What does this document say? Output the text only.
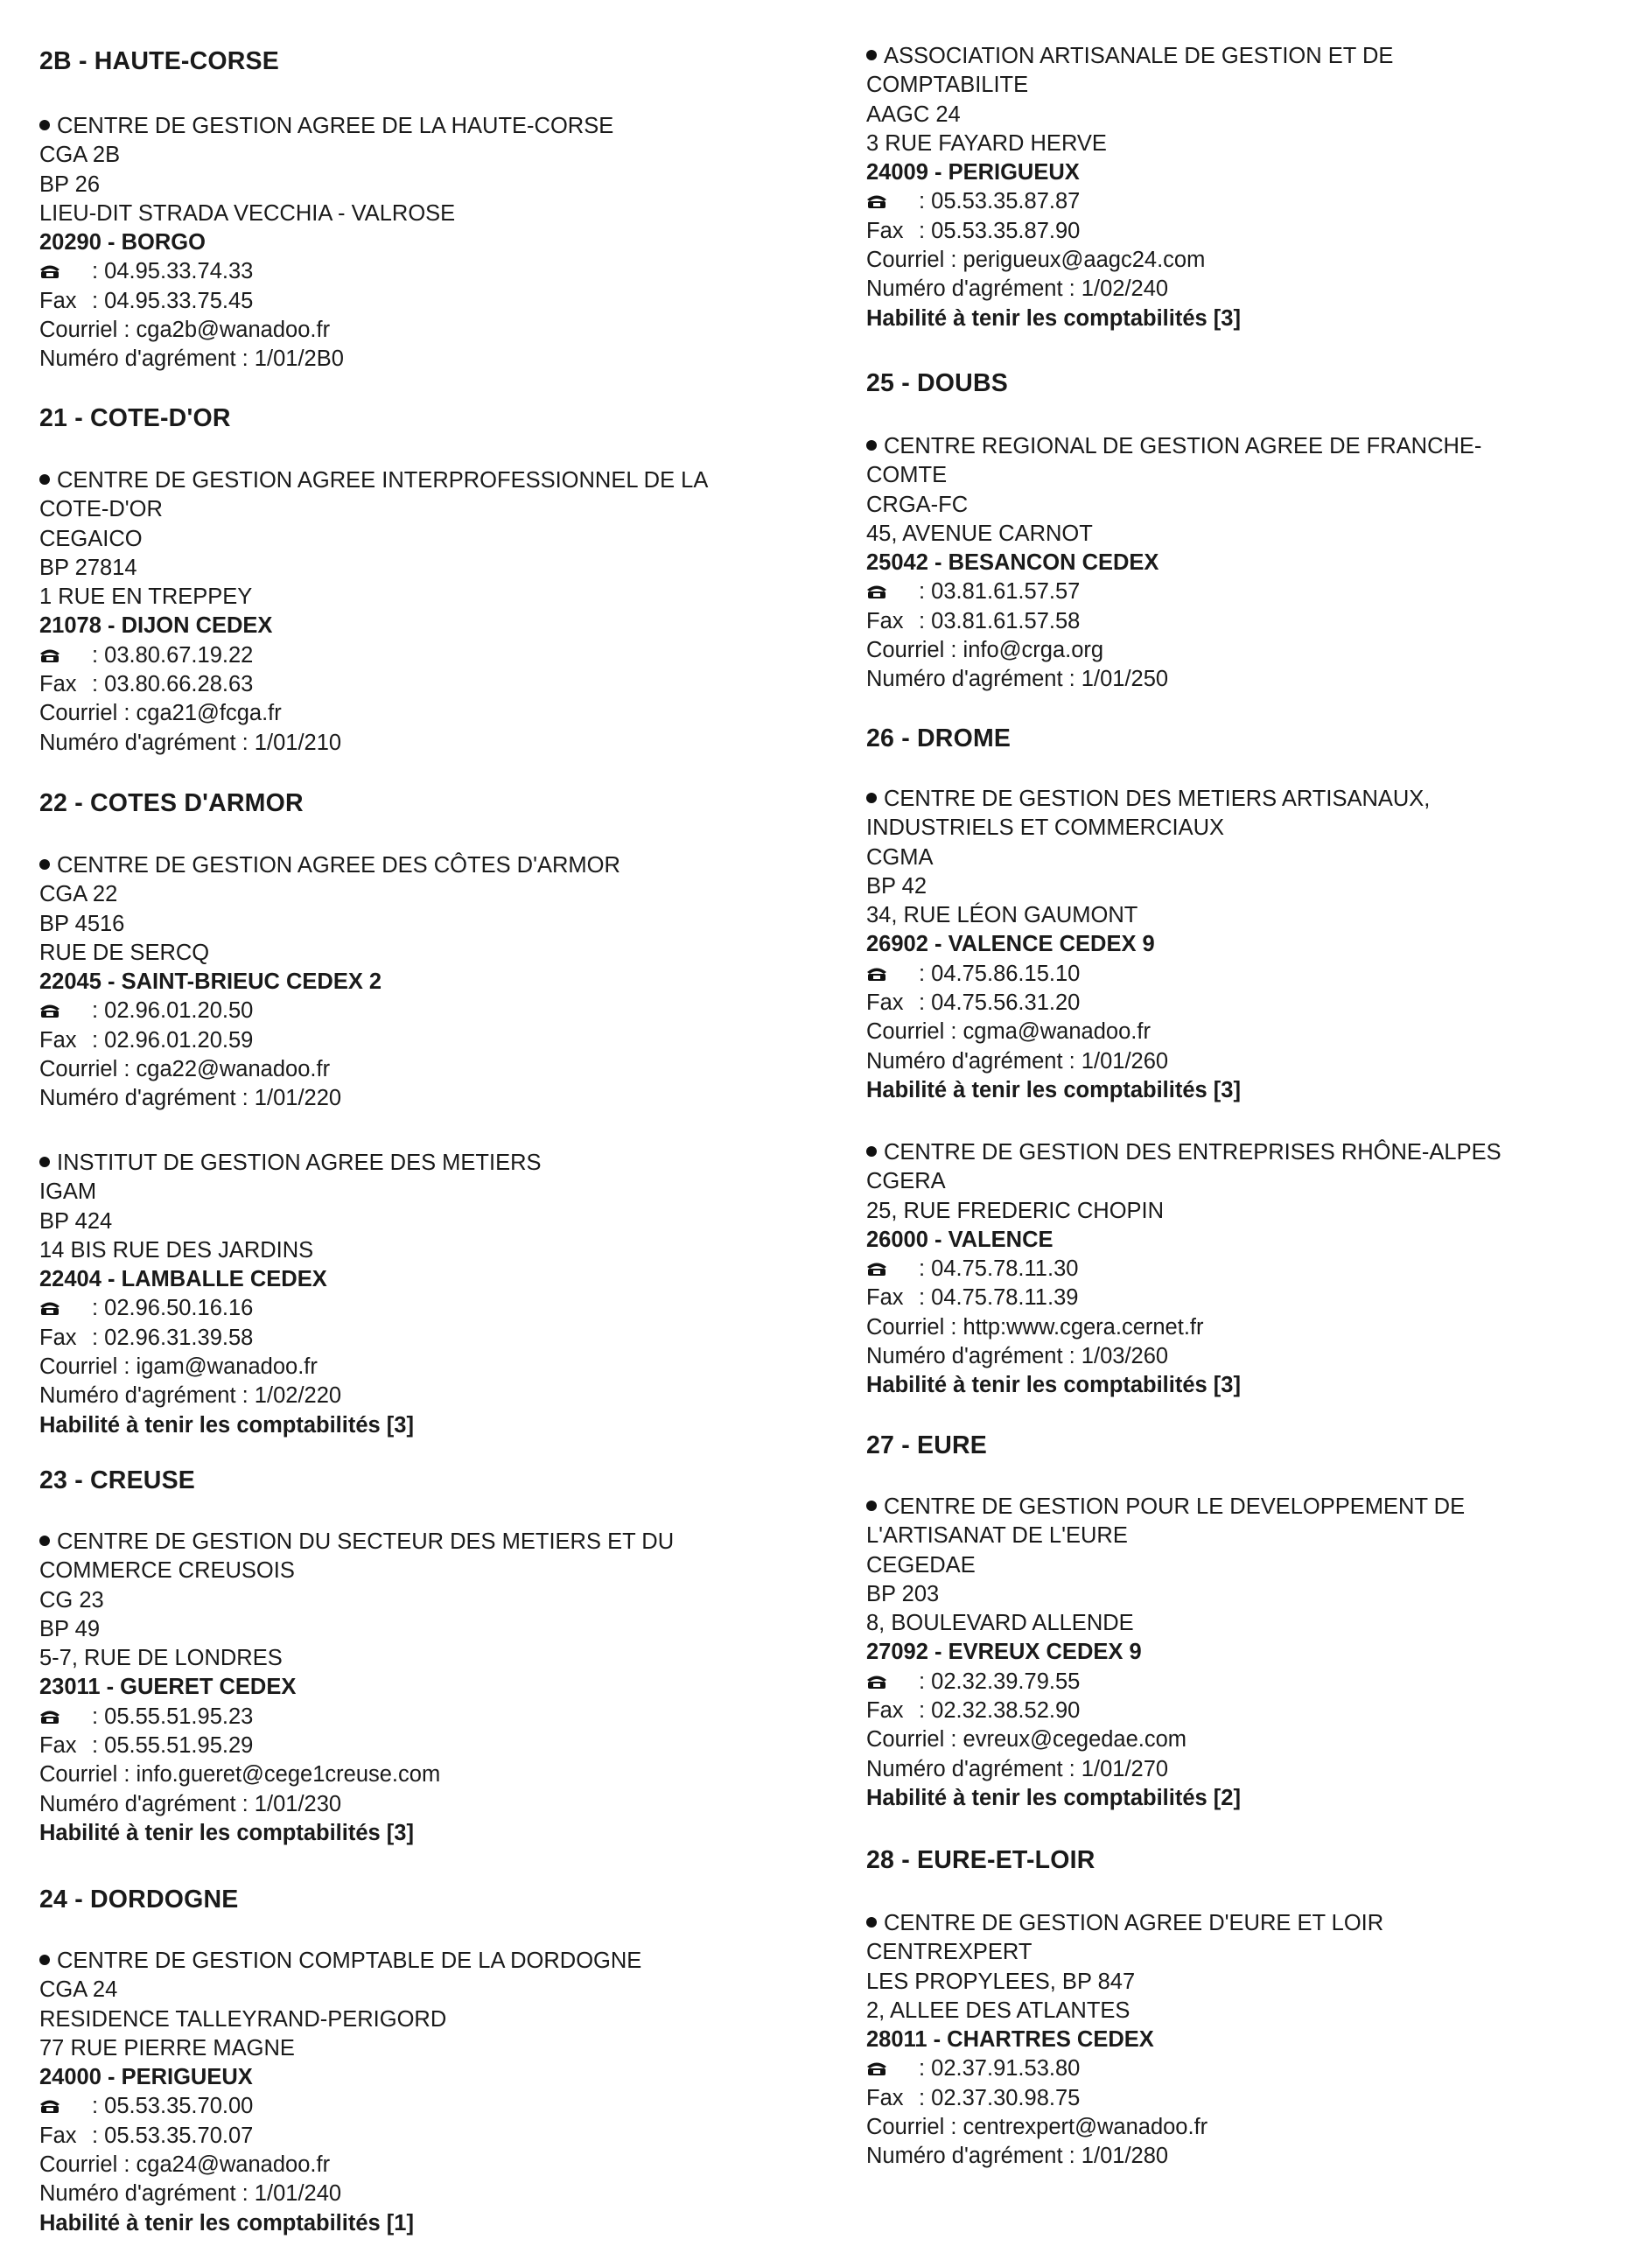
2B - HAUTE-CORSE
CENTRE DE GESTION AGREE DE LA HAUTE-CORSE
CGA 2B
BP 26
LIEU-DIT STRADA VECCHIA - VALROSE
20290 - BORGO
: 04.95.33.74.33
Fax : 04.95.33.75.45
Courriel : cga2b@wanadoo.fr
Numéro d'agrément : 1/01/2B0
21 - COTE-D'OR
CENTRE DE GESTION AGREE INTERPROFESSIONNEL DE LA
COTE-D'OR
CEGAICO
BP 27814
1 RUE EN TREPPEY
21078 - DIJON CEDEX
: 03.80.67.19.22
Fax : 03.80.66.28.63
Courriel : cga21@fcga.fr
Numéro d'agrément : 1/01/210
22 - COTES D'ARMOR
CENTRE DE GESTION AGREE DES CÔTES D'ARMOR
CGA 22
BP 4516
RUE DE SERCQ
22045 - SAINT-BRIEUC CEDEX 2
: 02.96.01.20.50
Fax : 02.96.01.20.59
Courriel : cga22@wanadoo.fr
Numéro d'agrément : 1/01/220
INSTITUT DE GESTION AGREE DES METIERS
IGAM
BP 424
14 BIS RUE DES JARDINS
22404 - LAMBALLE CEDEX
: 02.96.50.16.16
Fax : 02.96.31.39.58
Courriel : igam@wanadoo.fr
Numéro d'agrément : 1/02/220
Habilité à tenir les comptabilités [3]
23 - CREUSE
CENTRE DE GESTION DU SECTEUR DES METIERS ET DU
COMMERCE CREUSOIS
CG 23
BP 49
5-7, RUE DE LONDRES
23011 - GUERET CEDEX
: 05.55.51.95.23
Fax : 05.55.51.95.29
Courriel : info.gueret@cege1creuse.com
Numéro d'agrément : 1/01/230
Habilité à tenir les comptabilités [3]
24 - DORDOGNE
CENTRE DE GESTION COMPTABLE DE LA DORDOGNE
CGA 24
RESIDENCE TALLEYRAND-PERIGORD
77 RUE PIERRE MAGNE
24000 - PERIGUEUX
: 05.53.35.70.00
Fax : 05.53.35.70.07
Courriel : cga24@wanadoo.fr
Numéro d'agrément : 1/01/240
Habilité à tenir les comptabilités [1]
ASSOCIATION ARTISANALE DE GESTION ET DE
COMPTABILITE
AAGC 24
3 RUE FAYARD HERVE
24009 - PERIGUEUX
: 05.53.35.87.87
Fax : 05.53.35.87.90
Courriel : perigueux@aagc24.com
Numéro d'agrément : 1/02/240
Habilité à tenir les comptabilités [3]
25 - DOUBS
CENTRE REGIONAL DE GESTION AGREE DE FRANCHE-
COMTE
CRGA-FC
45, AVENUE CARNOT
25042 - BESANCON CEDEX
: 03.81.61.57.57
Fax : 03.81.61.57.58
Courriel : info@crga.org
Numéro d'agrément : 1/01/250
26 - DROME
CENTRE DE GESTION DES METIERS ARTISANAUX,
INDUSTRIELS ET COMMERCIAUX
CGMA
BP 42
34, RUE LÉON GAUMONT
26902 - VALENCE CEDEX 9
: 04.75.86.15.10
Fax : 04.75.56.31.20
Courriel : cgma@wanadoo.fr
Numéro d'agrément : 1/01/260
Habilité à tenir les comptabilités [3]
CENTRE DE GESTION DES ENTREPRISES RHÔNE-ALPES
CGERA
25, RUE FREDERIC CHOPIN
26000 - VALENCE
: 04.75.78.11.30
Fax : 04.75.78.11.39
Courriel : http:www.cgera.cernet.fr
Numéro d'agrément : 1/03/260
Habilité à tenir les comptabilités [3]
27 - EURE
CENTRE DE GESTION POUR LE DEVELOPPEMENT DE
L'ARTISANAT DE L'EURE
CEGEDAE
BP 203
8, BOULEVARD ALLENDE
27092 - EVREUX CEDEX 9
: 02.32.39.79.55
Fax : 02.32.38.52.90
Courriel : evreux@cegedae.com
Numéro d'agrément : 1/01/270
Habilité à tenir les comptabilités [2]
28 - EURE-ET-LOIR
CENTRE DE GESTION AGREE D'EURE ET LOIR
CENTREXPERT
LES PROPYLEES, BP 847
2, ALLEE DES ATLANTES
28011 - CHARTRES CEDEX
: 02.37.91.53.80
Fax : 02.37.30.98.75
Courriel : centrexpert@wanadoo.fr
Numéro d'agrément : 1/01/280
